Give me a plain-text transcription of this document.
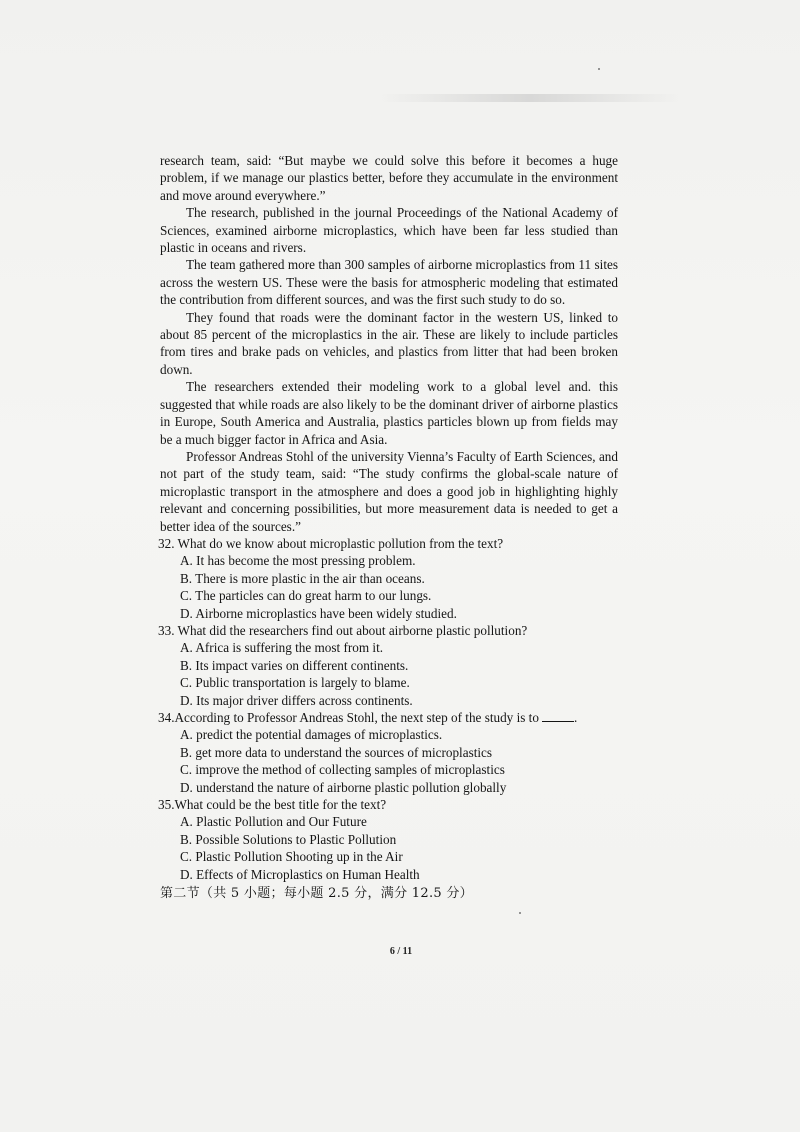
research team, said: “But maybe we could solve this before it becomes a huge problem, if we manage our plastics better, before they accumulate in the environment and move around everywhere.”

The research, published in the journal Proceedings of the National Academy of Sciences, examined airborne microplastics, which have been far less studied than plastic in oceans and rivers.

The team gathered more than 300 samples of airborne microplastics from 11 sites across the western US. These were the basis for atmospheric modeling that estimated the contribution from different sources, and was the first such study to do so.

They found that roads were the dominant factor in the western US, linked to about 85 percent of the microplastics in the air. These are likely to include particles from tires and brake pads on vehicles, and plastics from litter that had been broken down.

The researchers extended their modeling work to a global level and. this suggested that while roads are also likely to be the dominant driver of airborne plastics in Europe, South America and Australia, plastics particles blown up from fields may be a much bigger factor in Africa and Asia.

Professor Andreas Stohl of the university Vienna’s Faculty of Earth Sciences, and not part of the study team, said: “The study confirms the global-scale nature of microplastic transport in the atmosphere and does a good job in highlighting highly relevant and concerning possibilities, but more measurement data is needed to get a better idea of the sources.”

32. What do we know about microplastic pollution from the text?

A. It has become the most pressing problem.

B. There is more plastic in the air than oceans.

C. The particles can do great harm to our lungs.

D. Airborne microplastics have been widely studied.

33. What did the researchers find out about airborne plastic pollution?

A. Africa is suffering the most from it.

B. Its impact varies on different continents.

C. Public transportation is largely to blame.

D. Its major driver differs across continents.

34.According to Professor Andreas Stohl, the next step of the study is to	.

A. predict the potential damages of microplastics.

B. get more data to understand the sources of microplastics

C. improve the method of collecting samples of microplastics

D. understand the nature of airborne plastic pollution globally

35.What could be the best title for the text?

A. Plastic Pollution and Our Future

B. Possible Solutions to Plastic Pollution

C. Plastic Pollution Shooting up in the Air

D. Effects of Microplastics on Human Health

第二节（共 5 小题；每小题 2.5 分，满分 12.5 分）

6 / 11
